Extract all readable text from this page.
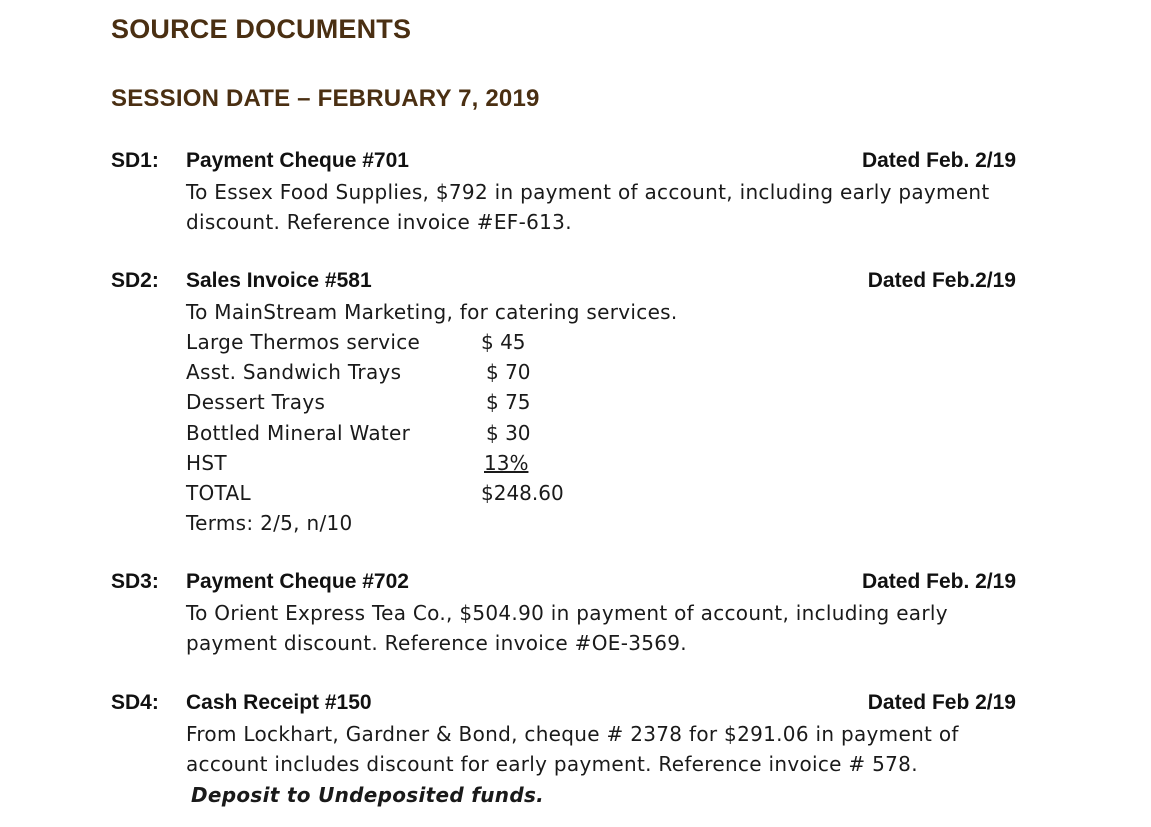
SOURCE DOCUMENTS
SESSION DATE – FEBRUARY 7, 2019
SD1: Payment Cheque #701	Dated Feb. 2/19
To Essex Food Supplies, $792 in payment of account, including early payment
discount. Reference invoice #EF-613.
SD2: Sales Invoice #581	Dated Feb.2/19
To MainStream Marketing, for catering services.
Large Thermos service	$ 45
Asst. Sandwich Trays	$ 70
Dessert Trays	$ 75
Bottled Mineral Water	$ 30
HST	13%
TOTAL	$248.60
Terms: 2/5, n/10
SD3: Payment Cheque #702	Dated Feb. 2/19
To Orient Express Tea Co., $504.90 in payment of account, including early
payment discount. Reference invoice #OE-3569.
SD4: Cash Receipt #150	Dated Feb 2/19
From Lockhart, Gardner & Bond, cheque # 2378 for $291.06 in payment of
account includes discount for early payment. Reference invoice # 578.
Deposit to Undeposited funds.
